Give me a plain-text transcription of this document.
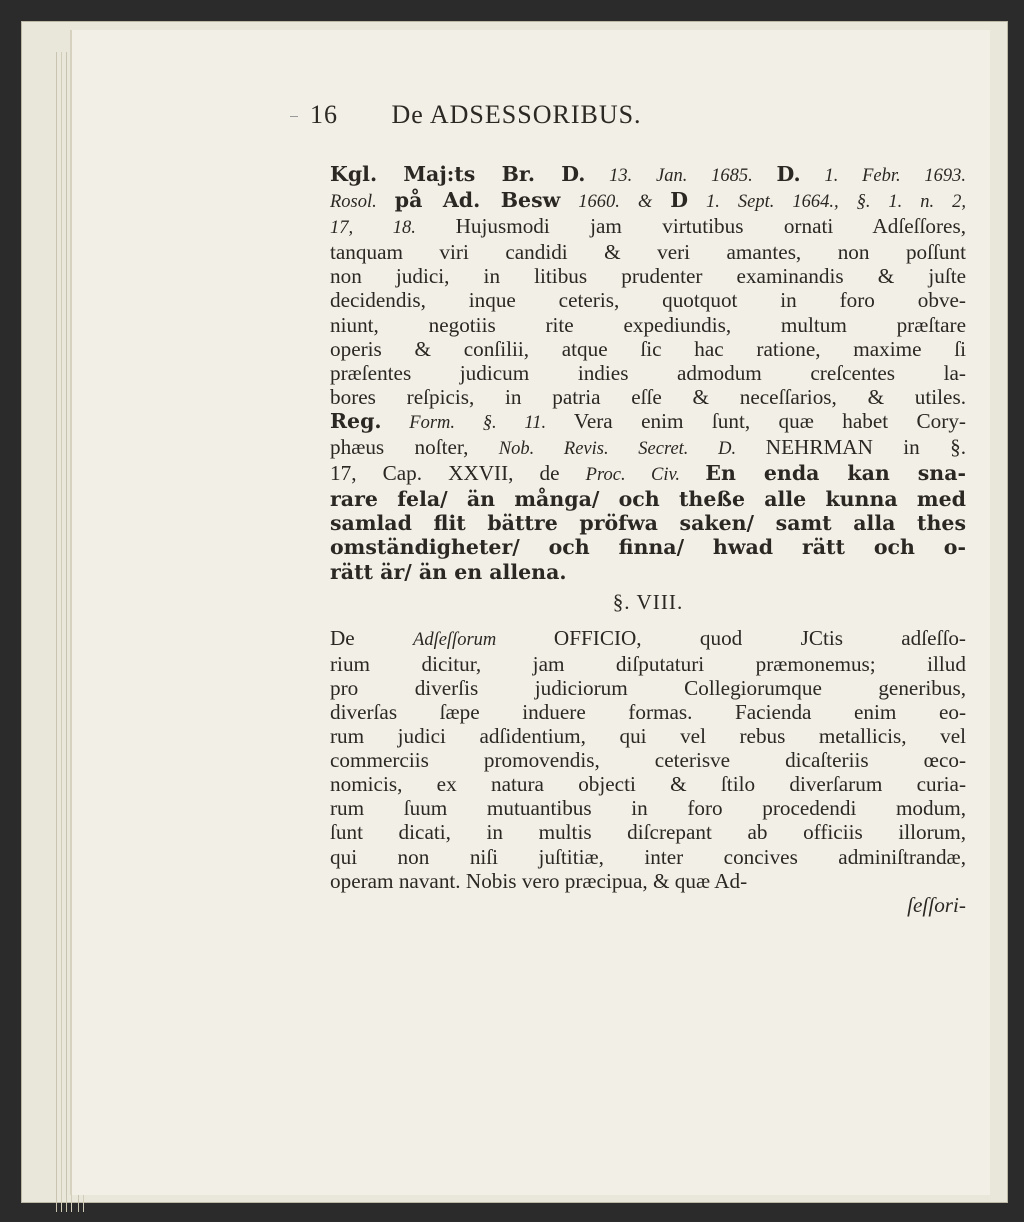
16 De ADSESSORIBUS.
Kgl. Maj:ts Br. D. 13. Jan. 1685. D. 1. Febr. 1693.
Rosol. på Ad. Besw 1660. & D 1. Sept. 1664., §. 1. n. 2,
17, 18. Hujusmodi jam virtutibus ornati Adſeſſores,
tanquam viri candidi & veri amantes, non poſſunt
non judici, in litibus prudenter examinandis & juſte
decidendis, inque ceteris, quotquot in foro obve-
niunt, negotiis rite expediundis, multum præſtare
operis & conſilii, atque ſic hac ratione, maxime ſi
præſentes judicum indies admodum creſcentes la-
bores reſpicis, in patria eſſe & neceſſarios, & utiles.
Reg. Form. §. 11. Vera enim ſunt, quæ habet Cory-
phæus noſter, Nob. Revis. Secret. D. NEHRMAN in §.
17, Cap. XXVII, de Proc. Civ. En enda kan sna-
rare fela/ än många/ och theße alle kunna med
samlad flit bättre pröfwa saken/ samt alla thes
omständigheter/ och finna/ hwad rätt och o-
rätt är/ än en allena.
§. VIII.
De Adſeſſorum OFFICIO, quod JCtis adſeſſo-
rium dicitur, jam diſputaturi præmonemus; illud
pro diverſis judiciorum Collegiorumque generibus,
diverſas ſæpe induere formas. Facienda enim eo-
rum judici adſidentium, qui vel rebus metallicis, vel
commerciis promovendis, ceterisve dicaſteriis œco-
nomicis, ex natura objecti & ſtilo diverſarum curia-
rum ſuum mutuantibus in foro procedendi modum,
ſunt dicati, in multis diſcrepant ab officiis illorum,
qui non niſi juſtitiæ, inter concives adminiſtrandæ,
operam navant. Nobis vero præcipua, & quæ Ad-
ſeſſori-
